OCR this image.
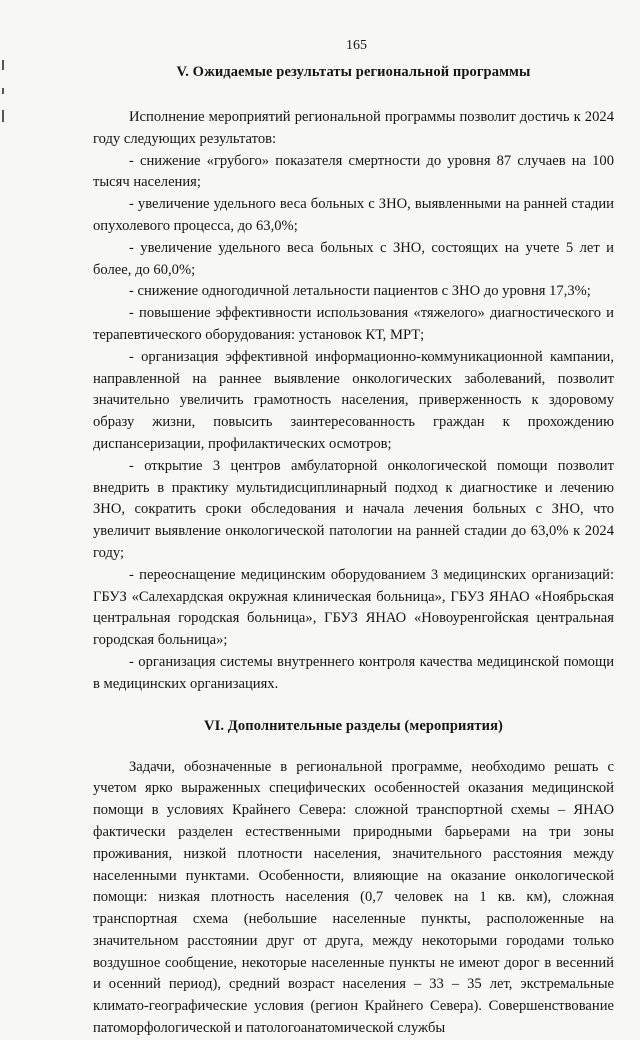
165
V. Ожидаемые результаты региональной программы

Исполнение мероприятий региональной программы позволит достичь к 2024 году следующих результатов:

- снижение «грубого» показателя смертности до уровня 87 случаев на 100 тысяч населения;

- увеличение удельного веса больных с ЗНО, выявленными на ранней стадии опухолевого процесса, до 63,0%;

- увеличение удельного веса больных с ЗНО, состоящих на учете 5 лет и более, до 60,0%;

- снижение одногодичной летальности пациентов с ЗНО до уровня 17,3%;

- повышение эффективности использования «тяжелого» диагностического и терапевтического оборудования: установок КТ, МРТ;

- организация эффективной информационно-коммуникационной кампании, направленной на раннее выявление онкологических заболеваний, позволит значительно увеличить грамотность населения, приверженность к здоровому образу жизни, повысить заинтересованность граждан к прохождению диспансеризации, профилактических осмотров;

- открытие 3 центров амбулаторной онкологической помощи позволит внедрить в практику мультидисциплинарный подход к диагностике и лечению ЗНО, сократить сроки обследования и начала лечения больных с ЗНО, что увеличит выявление онкологической патологии на ранней стадии до 63,0% к 2024 году;

- переоснащение медицинским оборудованием 3 медицинских организаций: ГБУЗ «Салехардская окружная клиническая больница», ГБУЗ ЯНАО «Ноябрьская центральная городская больница», ГБУЗ ЯНАО «Новоуренгойская центральная городская больница»;

- организация системы внутреннего контроля качества медицинской помощи в медицинских организациях.

VI. Дополнительные разделы (мероприятия)

Задачи, обозначенные в региональной программе, необходимо решать с учетом ярко выраженных специфических особенностей оказания медицинской помощи в условиях Крайнего Севера: сложной транспортной схемы – ЯНАО фактически разделен естественными природными барьерами на три зоны проживания, низкой плотности населения, значительного расстояния между населенными пунктами. Особенности, влияющие на оказание онкологической помощи: низкая плотность населения (0,7 человек на 1 кв. км), сложная транспортная схема (небольшие населенные пункты, расположенные на значительном расстоянии друг от друга, между некоторыми городами только воздушное сообщение, некоторые населенные пункты не имеют дорог в весенний и осенний период), средний возраст населения – 33 – 35 лет, экстремальные климато-географические условия (регион Крайнего Севера). Совершенствование патоморфологической и патологоанатомической службы
